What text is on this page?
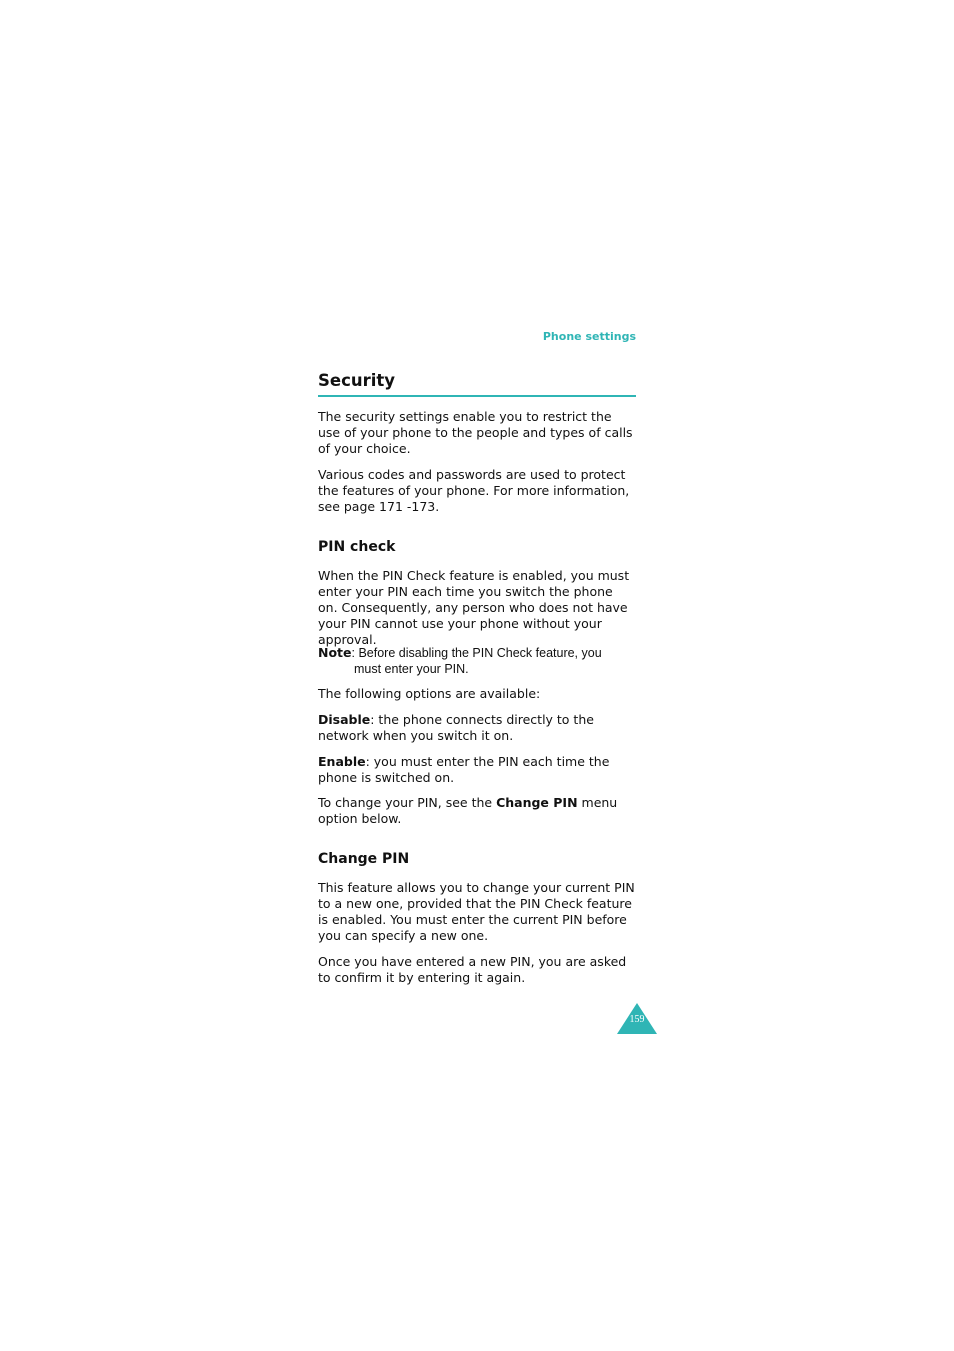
Phone settings
Security
The security settings enable you to restrict the use of your phone to the people and types of calls of your choice.
Various codes and passwords are used to protect the features of your phone. For more information, see page 171 -173.
PIN check
When the PIN Check feature is enabled, you must enter your PIN each time you switch the phone on. Consequently, any person who does not have your PIN cannot use your phone without your approval.
Note: Before disabling the PIN Check feature, you
must enter your PIN.
The following options are available:
Disable: the phone connects directly to the network when you switch it on.
Enable: you must enter the PIN each time the phone is switched on.
To change your PIN, see the Change PIN menu option below.
Change PIN
This feature allows you to change your current PIN to a new one, provided that the PIN Check feature is enabled. You must enter the current PIN before you can specify a new one.
Once you have entered a new PIN, you are asked to confirm it by entering it again.
159
